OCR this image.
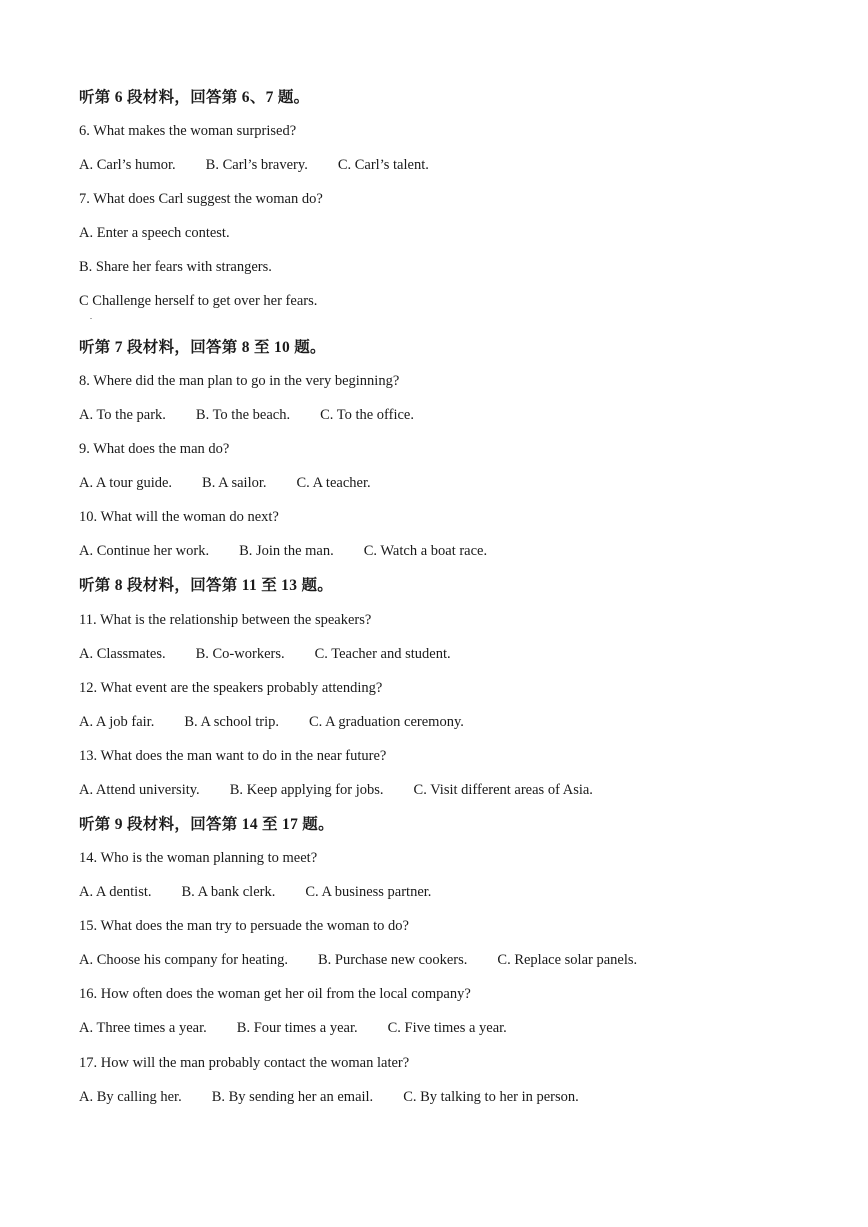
听第 6 段材料，回答第 6、7 题。
6. What makes the woman surprised?
A. Carl’s humor. B. Carl’s bravery. C. Carl’s talent.
7. What does Carl suggest the woman do?
A. Enter a speech contest.
B. Share her fears with strangers.
C Challenge herself to get over her fears.
.
听第 7 段材料，回答第 8 至 10 题。
8. Where did the man plan to go in the very beginning?
A. To the park. B. To the beach. C. To the office.
9. What does the man do?
A. A tour guide. B. A sailor. C. A teacher.
10. What will the woman do next?
A. Continue her work. B. Join the man. C. Watch a boat race.
听第 8 段材料，回答第 11 至 13 题。
11. What is the relationship between the speakers?
A. Classmates. B. Co-workers. C. Teacher and student.
12. What event are the speakers probably attending?
A. A job fair. B. A school trip. C. A graduation ceremony.
13. What does the man want to do in the near future?
A. Attend university. B. Keep applying for jobs. C. Visit different areas of Asia.
听第 9 段材料，回答第 14 至 17 题。
14. Who is the woman planning to meet?
A. A dentist. B. A bank clerk. C. A business partner.
15. What does the man try to persuade the woman to do?
A. Choose his company for heating. B. Purchase new cookers. C. Replace solar panels.
16. How often does the woman get her oil from the local company?
A. Three times a year. B. Four times a year. C. Five times a year.
17. How will the man probably contact the woman later?
A. By calling her. B. By sending her an email. C. By talking to her in person.
